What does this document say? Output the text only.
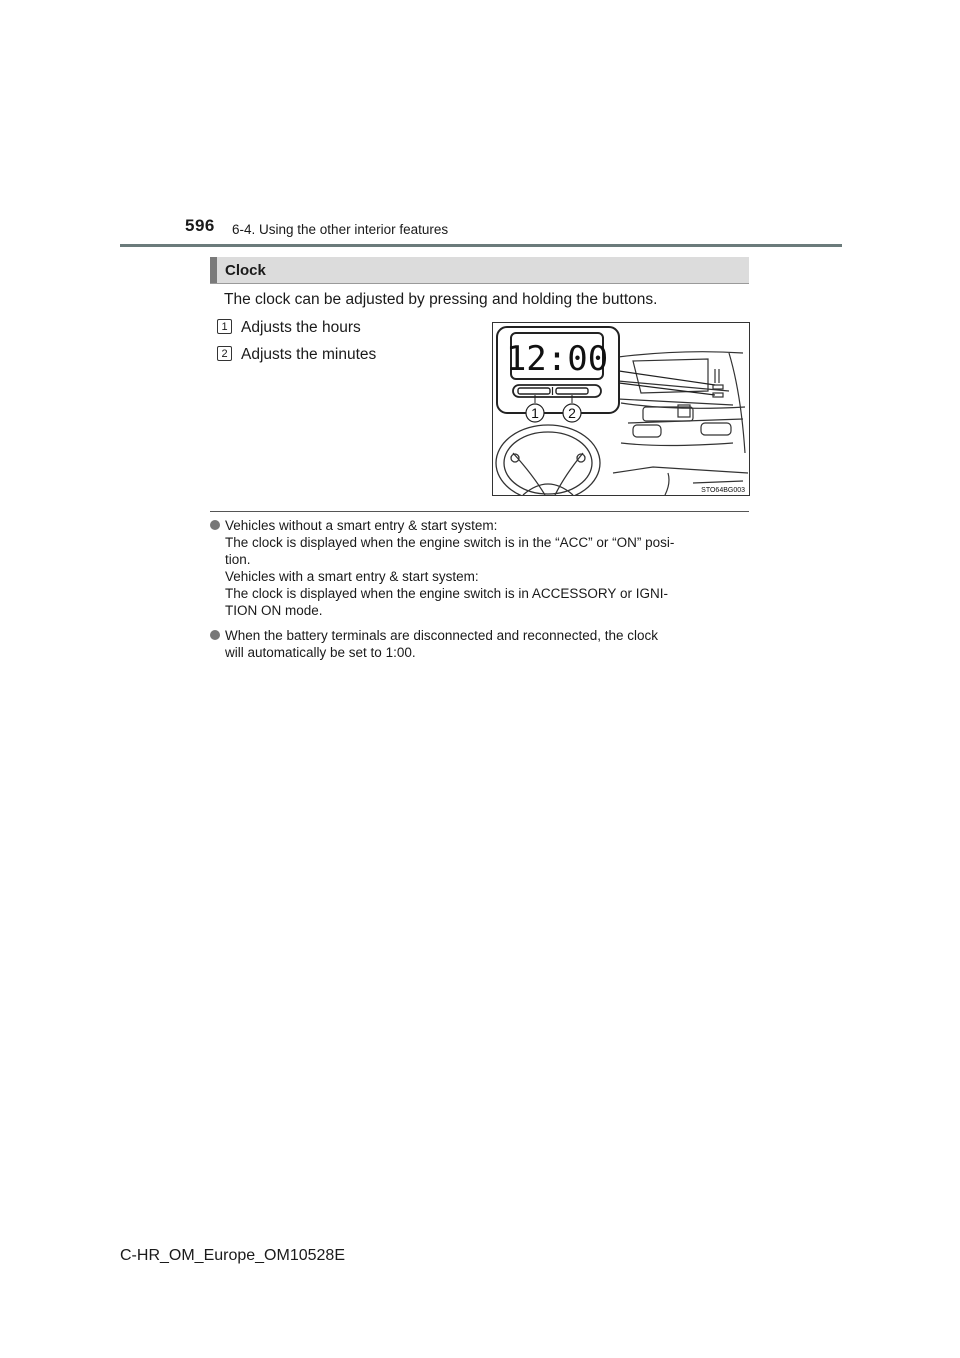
596 6-4. Using the other interior features
Clock
The clock can be adjusted by pressing and holding the buttons.
1 Adjusts the hours
2 Adjusts the minutes	12:00
1 2
STO64BG003
Vehicles without a smart entry & start system:
The clock is displayed when the engine switch is in the “ACC” or “ON” posi-
tion.
Vehicles with a smart entry & start system:
The clock is displayed when the engine switch is in ACCESSORY or IGNI-
TION ON mode.
When the battery terminals are disconnected and reconnected, the clock
will automatically be set to 1:00.
C-HR_OM_Europe_OM10528E
